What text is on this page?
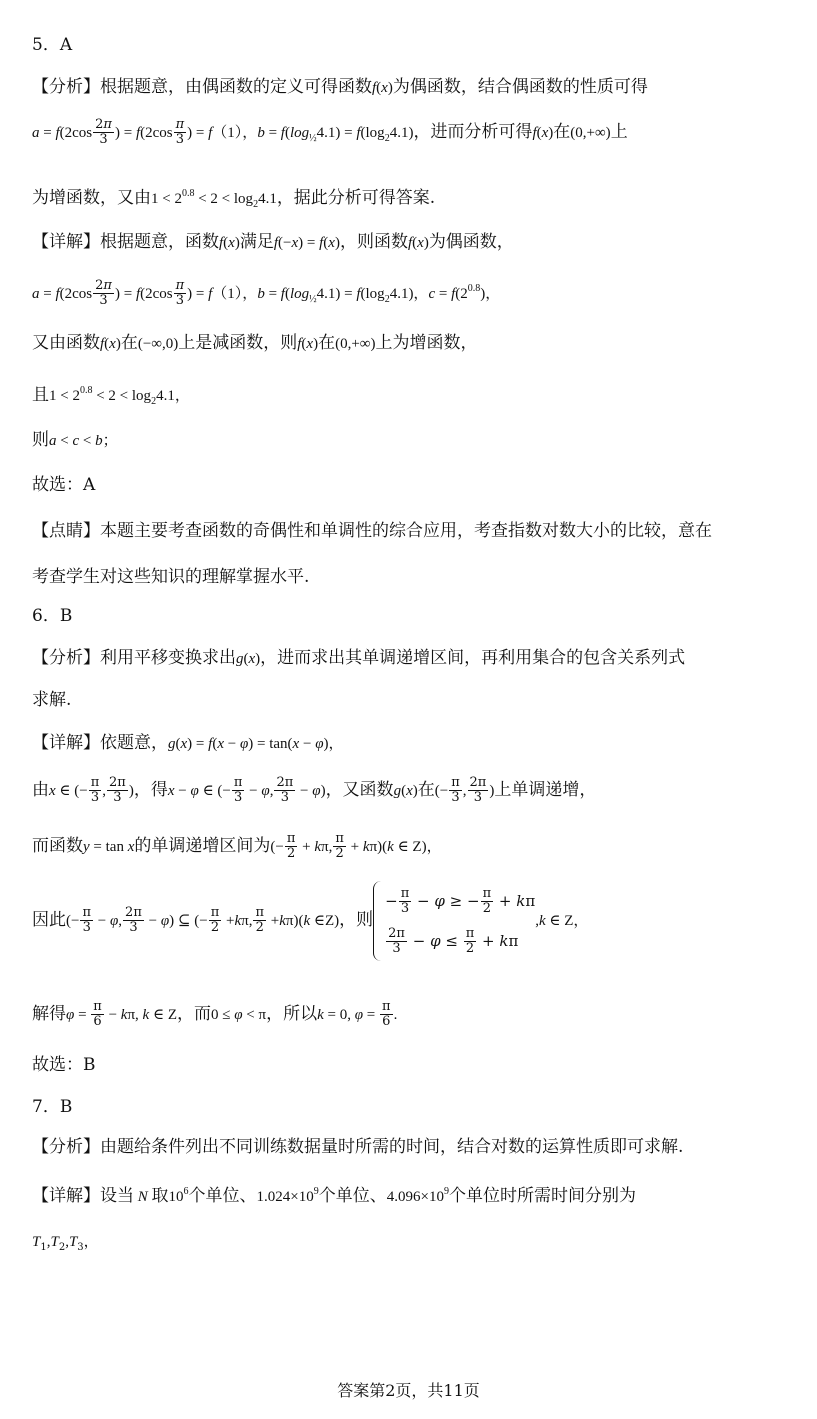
5．A
【分析】根据题意，由偶函数的定义可得函数f(x)为偶函数，结合偶函数的性质可得
$a = f(2\cos \frac{2\pi}{3}$ ) = $f(2\cos \frac{\pi}{3}$ ) = f（1），$b = f(\log_{\frac{1}{2}}4.1) = f(\log_24.1)$，进而分析可得f(x)在(0,+∞)上
为增函数，又由$1 < 2^{0.8} < 2 < \log_24.1$，据此分析可得答案.
【详解】根据题意，函数f(x)满足f(−x) = f(x)，则函数f(x)为偶函数，
$a = f(2\cos \frac{2\pi}{3}$ ) = $f(2\cos \frac{\pi}{3}$ ) = f（1），$b = f(\log_{\frac{1}{2}}4.1) = f(\log_24.1)$，$c = f(2^{0.8})$，
又由函数f(x)在(−∞,0)上是减函数，则f(x)在(0,+∞)上为增函数，
且$1 < 2^{0.8} < 2 < \log_24.1$，
则a < c < b；
故选：A
【点睛】本题主要考查函数的奇偶性和单调性的综合应用，考查指数对数大小的比较，意在
考查学生对这些知识的理解掌握水平.
6．B
【分析】利用平移变换求出g(x)，进而求出其单调递增区间，再利用集合的包含关系列式
求解.
【详解】依题意，g(x) = f(x − φ) = tan(x − φ)，
由x ∈ (− $\frac{\pi}{3}$ , $\frac{2\pi}{3}$ )，得x − φ ∈ (− $\frac{\pi}{3} - \varphi$, $\frac{2\pi}{3} - \varphi$)，又函数g(x)在(− $\frac{\pi}{3}$ , $\frac{2\pi}{3}$ )上单调递增，
而函数y = tan x的单调递增区间为(− $\frac{\pi}{2} + k\pi$, $\frac{\pi}{2} + k\pi)(k$ ∈ Z)，
因此(− $\frac{\pi}{3} - \varphi$, $\frac{2\pi}{3} - \varphi$) ⊆ (− $\frac{\pi}{2} +k\pi$, $\frac{\pi}{2} +k\pi)(k$ ∈Z)，则
− $\frac{\pi}{3} - \varphi$ ≥ − $\frac{\pi}{2} + k\pi$
$\frac{2\pi}{3} - \varphi \le \frac{\pi}{2} + k\pi$
,k ∈ Z，
解得$\varphi = \frac{\pi}{6} - k\pi$, k ∈ Z，而0 ≤ φ < π，所以k = 0, $\varphi = \frac{\pi}{6}$ .
故选：B
7．B
【分析】由题给条件列出不同训练数据量时所需的时间，结合对数的运算性质即可求解.
【详解】设当 N 取$10^6$个单位、$1.024\times 10^9$个单位、$4.096\times 10^9$个单位时所需时间分别为
$T_1,T_2,T_3$，
答案第2页，共11页
